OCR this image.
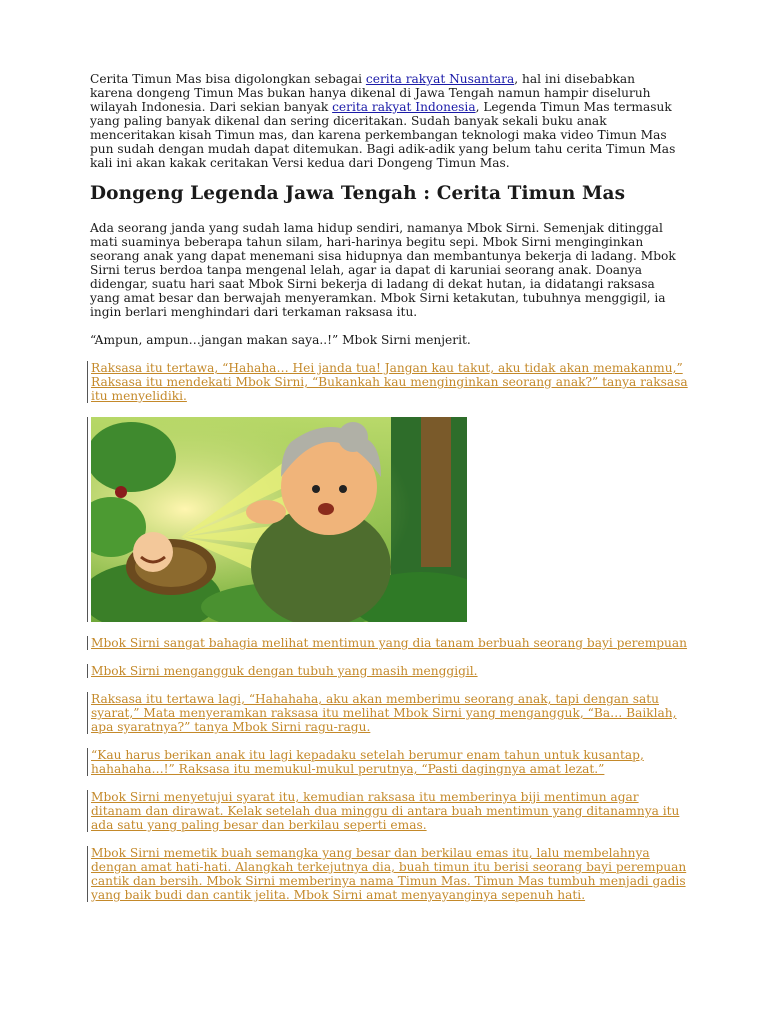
Cerita Timun Mas bisa digolongkan sebagai cerita rakyat Nusantara, hal ini disebabkan karena dongeng Timun Mas bukan hanya dikenal di Jawa Tengah namun hampir diseluruh wilayah Indonesia. Dari sekian banyak cerita rakyat Indonesia, Legenda Timun Mas termasuk yang paling banyak dikenal dan sering diceritakan. Sudah banyak sekali buku anak menceritakan kisah Timun mas, dan karena perkembangan teknologi maka video Timun Mas pun sudah dengan mudah dapat ditemukan. Bagi adik-adik yang belum tahu cerita Timun Mas kali ini akan kakak ceritakan Versi kedua dari Dongeng Timun Mas.

Dongeng Legenda Jawa Tengah : Cerita Timun Mas

Ada seorang janda yang sudah lama hidup sendiri, namanya Mbok Sirni. Semenjak ditinggal mati suaminya beberapa tahun silam, hari-harinya begitu sepi. Mbok Sirni menginginkan seorang anak yang dapat menemani sisa hidupnya dan membantunya bekerja di ladang. Mbok Sirni terus berdoa tanpa mengenal lelah, agar ia dapat di karuniai seorang anak. Doanya didengar, suatu hari saat Mbok Sirni bekerja di ladang di dekat hutan, ia didatangi raksasa yang amat besar dan berwajah menyeramkan. Mbok Sirni ketakutan, tubuhnya menggigil, ia ingin berlari menghindari dari terkaman raksasa itu.

“Ampun, ampun…jangan makan saya..!” Mbok Sirni menjerit.

Raksasa itu tertawa, “Hahaha… Hei janda tua! Jangan kau takut, aku tidak akan memakanmu,” Raksasa itu mendekati Mbok Sirni, “Bukankah kau menginginkan seorang anak?” tanya raksasa itu menyelidiki.
Mbok Sirni sangat bahagia melihat mentimun yang dia tanam berbuah seorang bayi perempuan
Mbok Sirni mengangguk dengan tubuh yang masih menggigil.
Raksasa itu tertawa lagi, “Hahahaha, aku akan memberimu seorang anak, tapi dengan satu syarat,” Mata menyeramkan raksasa itu melihat Mbok Sirni yang mengangguk, “Ba… Baiklah, apa syaratnya?” tanya Mbok Sirni ragu-ragu.
“Kau harus berikan anak itu lagi kepadaku setelah berumur enam tahun untuk kusantap, hahahaha…!” Raksasa itu memukul-mukul perutnya, “Pasti dagingnya amat lezat.”
Mbok Sirni menyetujui syarat itu, kemudian raksasa itu memberinya biji mentimun agar ditanam dan dirawat. Kelak setelah dua minggu di antara buah mentimun yang ditanamnya itu ada satu yang paling besar dan berkilau seperti emas.
Mbok Sirni memetik buah semangka yang besar dan berkilau emas itu, lalu membelahnya dengan amat hati-hati. Alangkah terkejutnya dia, buah timun itu berisi seorang bayi perempuan cantik dan bersih. Mbok Sirni memberinya nama Timun Mas. Timun Mas tumbuh menjadi gadis yang baik budi dan cantik jelita. Mbok Sirni amat menyayanginya sepenuh hati.
